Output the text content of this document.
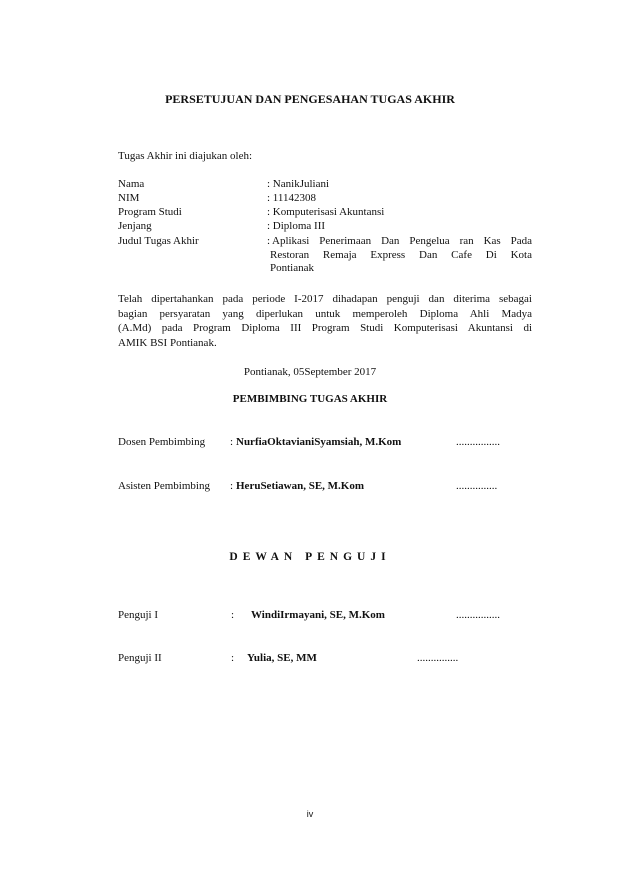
PERSETUJUAN DAN PENGESAHAN TUGAS AKHIR
Tugas Akhir ini diajukan oleh:
Nama	: NanikJuliani
NIM	: 11142308
Program Studi	: Komputerisasi Akuntansi
Jenjang	: Diploma III
Judul Tugas Akhir	: Aplikasi Penerimaan Dan Pengelua ran Kas Pada
Restoran Remaja Express Dan Cafe Di Kota
Pontianak
Telah dipertahankan pada periode I-2017 dihadapan penguji dan diterima sebagai
bagian persyaratan yang diperlukan untuk memperoleh Diploma Ahli Madya
(A.Md) pada Program Diploma III Program Studi Komputerisasi Akuntansi di
AMIK BSI Pontianak.
Pontianak, 05September 2017
PEMBIMBING TUGAS AKHIR
Dosen Pembimbing : NurfiaOktavianiSyamsiah, M.Kom	................
Asisten Pembimbing : HeruSetiawan, SE, M.Kom	...............
DEWAN PENGUJI
Penguji I	: WindiIrmayani, SE, M.Kom	................
Penguji II	: Yulia, SE, MM	...............
iv
